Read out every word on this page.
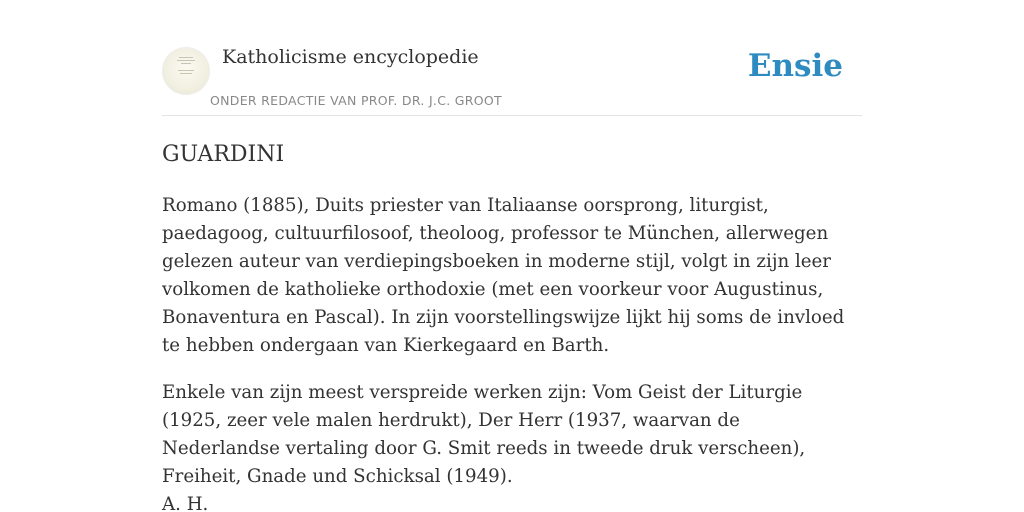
Katholicisme encyclopedie
ONDER REDACTIE VAN PROF. DR. J.C. GROOT
Ensie
GUARDINI

Romano (1885), Duits priester van Italiaanse oorsprong, liturgist, paedagoog, cultuurfilosoof, theoloog, professor te München, allerwegen gelezen auteur van verdiepingsboeken in moderne stijl, volgt in zijn leer volkomen de katholieke orthodoxie (met een voorkeur voor Augustinus, Bonaventura en Pascal). In zijn voorstellingswijze lijkt hij soms de invloed te hebben ondergaan van Kierkegaard en Barth.

Enkele van zijn meest verspreide werken zijn: Vom Geist der Liturgie (1925, zeer vele malen herdrukt), Der Herr (1937, waarvan de Nederlandse vertaling door G. Smit reeds in tweede druk verscheen), Freiheit, Gnade und Schicksal (1949).

A. H.
